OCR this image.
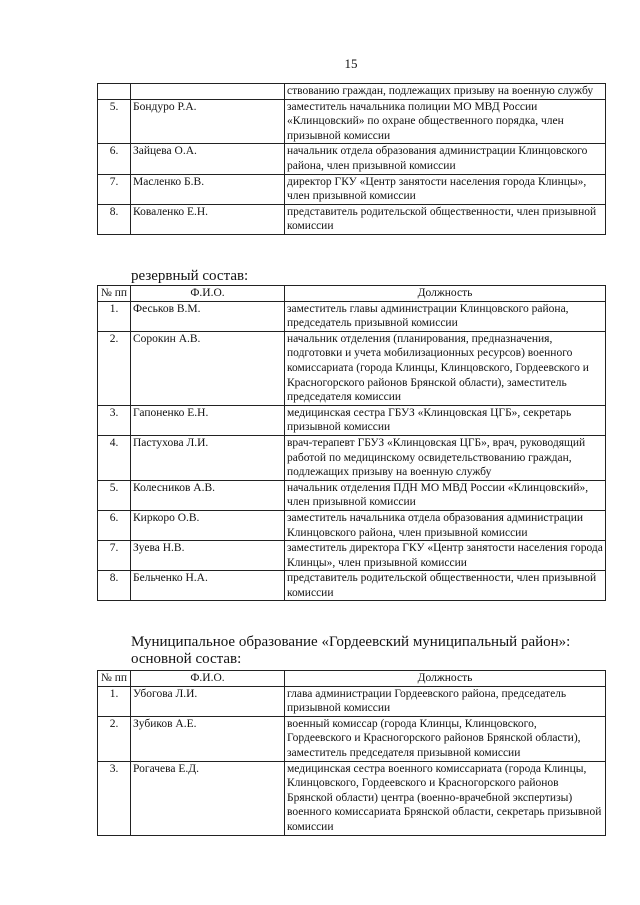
15
		ствованию граждан, подлежащих призыву на военную службу
5.	Бондуро Р.А.	заместитель начальника полиции МО МВД России «Клинцовский» по охране общественного порядка, член призывной комиссии
6.	Зайцева О.А.	начальник отдела образования администрации Клинцовского района, член призывной комиссии
7.	Масленко Б.В.	директор ГКУ «Центр занятости населения города Клинцы», член призывной комиссии
8.	Коваленко Е.Н.	представитель родительской общественности, член призывной комиссии
резервный состав:
№ пп	Ф.И.О.	Должность
1.	Феськов В.М.	заместитель главы администрации Клинцовского района, председатель призывной комиссии
2.	Сорокин А.В.	начальник отделения (планирования, предназначения, подготовки и учета мобилизационных ресурсов) военного комиссариата (города Клинцы, Клинцовского, Гордеевского и Красногорского районов Брянской области), заместитель председателя комиссии
3.	Гапоненко Е.Н.	медицинская сестра ГБУЗ «Клинцовская ЦГБ», секретарь призывной комиссии
4.	Пастухова Л.И.	врач-терапевт ГБУЗ «Клинцовская ЦГБ», врач, руководящий работой по медицинскому освидетельствованию граждан, подлежащих призыву на военную службу
5.	Колесников А.В.	начальник отделения ПДН МО МВД России «Клинцовский», член призывной комиссии
6.	Киркоро О.В.	заместитель начальника отдела образования администрации Клинцовского района, член призывной комиссии
7.	Зуева Н.В.	заместитель директора ГКУ «Центр занятости населения города Клинцы», член призывной комиссии
8.	Бельченко Н.А.	представитель родительской общественности, член призывной комиссии
Муниципальное образование «Гордеевский муниципальный район»:
основной состав:
№ пп	Ф.И.О.	Должность
1.	Убогова Л.И.	глава администрации Гордеевского района, председатель призывной комиссии
2.	Зубиков А.Е.	военный комиссар (города Клинцы, Клинцовского, Гордеевского и Красногорского районов Брянской области), заместитель председателя призывной комиссии
3.	Рогачева Е.Д.	медицинская сестра военного комиссариата (города Клинцы, Клинцовского, Гордеевского и Красногорского районов Брянской области) центра (военно-врачебной экспертизы) военного комиссариата Брянской области, секретарь призывной комиссии
